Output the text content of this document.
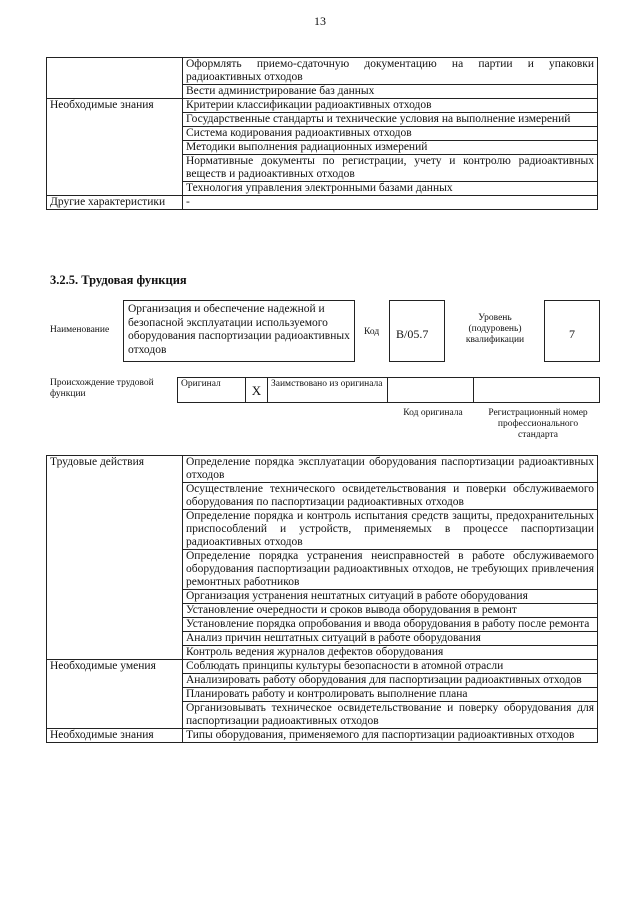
13
	Оформлять приемо-сдаточную документацию на партии и упаковки радиоактивных отходов
	Вести администрирование баз данных
Необходимые знания	Критерии классификации радиоактивных отходов
	Государственные стандарты и технические условия на выполнение измерений
	Система кодирования радиоактивных отходов
	Методики выполнения радиационных измерений
	Нормативные документы по регистрации, учету и контролю радиоактивных веществ и радиоактивных отходов
	Технология управления электронными базами данных
Другие характеристики	-
3.2.5. Трудовая функция
Наименование
Организация и обеспечение надежной и безопасной эксплуатации используемого оборудования паспортизации радиоактивных отходов
Код	В/05.7
Уровень (подуровень) квалификации	7
Происхождение трудовой функции
Оригинал	X	Заимствовано из оригинала		
Код оригинала	Регистрационный номер профессионального стандарта
Трудовые действия	Определение порядка эксплуатации оборудования паспортизации радиоактивных отходов
	Осуществление технического освидетельствования и поверки обслуживаемого оборудования по паспортизации радиоактивных отходов
	Определение порядка и контроль испытания средств защиты, предохранительных приспособлений и устройств, применяемых в процессе паспортизации радиоактивных отходов
	Определение порядка устранения неисправностей в работе обслуживаемого оборудования паспортизации радиоактивных отходов, не требующих привлечения ремонтных работников
	Организация устранения нештатных ситуаций в работе оборудования
	Установление очередности и сроков вывода оборудования в ремонт
	Установление порядка опробования и ввода оборудования в работу после ремонта
	Анализ причин нештатных ситуаций в работе оборудования
	Контроль ведения журналов дефектов оборудования
Необходимые умения	Соблюдать принципы культуры безопасности в атомной отрасли
	Анализировать работу оборудования для паспортизации радиоактивных отходов
	Планировать работу и контролировать выполнение плана
	Организовывать техническое освидетельствование и поверку оборудования для паспортизации радиоактивных отходов
Необходимые знания	Типы оборудования, применяемого для паспортизации радиоактивных отходов
